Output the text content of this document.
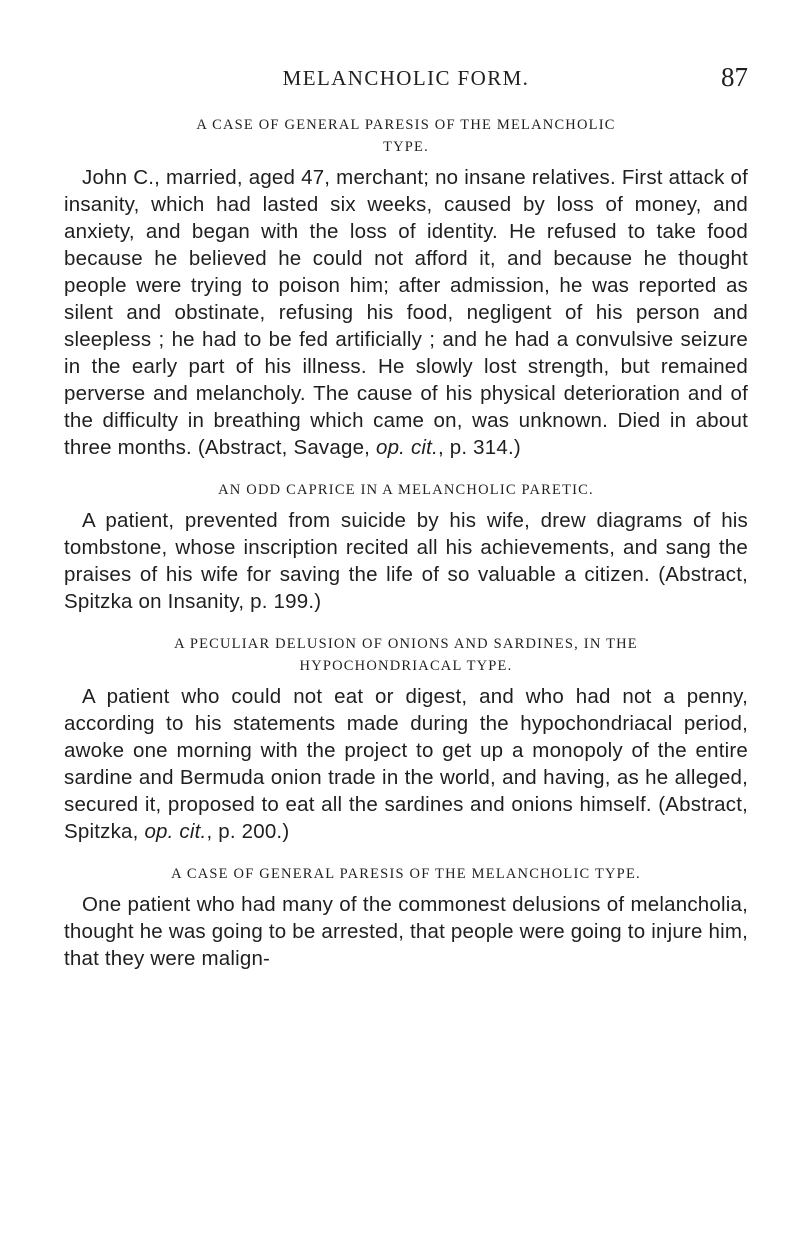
MELANCHOLIC FORM.	87
A CASE OF GENERAL PARESIS OF THE MELANCHOLIC
TYPE.

John C., married, aged 47, merchant; no insane relatives. First attack of insanity, which had lasted six weeks, caused by loss of money, and anxiety, and began with the loss of identity. He refused to take food because he believed he could not afford it, and because he thought people were trying to poison him; after admission, he was reported as silent and obstinate, refusing his food, negligent of his person and sleepless ; he had to be fed artificially ; and he had a convulsive seizure in the early part of his illness. He slowly lost strength, but remained perverse and melancholy. The cause of his physical deterioration and of the difficulty in breathing which came on, was unknown. Died in about three months. (Abstract, Savage, op. cit., p. 314.)

AN ODD CAPRICE IN A MELANCHOLIC PARETIC.

A patient, prevented from suicide by his wife, drew diagrams of his tombstone, whose inscription recited all his achievements, and sang the praises of his wife for saving the life of so valuable a citizen. (Abstract, Spitzka on Insanity, p. 199.)

A PECULIAR DELUSION OF ONIONS AND SARDINES, IN THE
HYPOCHONDRIACAL TYPE.

A patient who could not eat or digest, and who had not a penny, according to his statements made during the hypochondriacal period, awoke one morning with the project to get up a monopoly of the entire sardine and Bermuda onion trade in the world, and having, as he alleged, secured it, proposed to eat all the sardines and onions himself. (Abstract, Spitzka, op. cit., p. 200.)

A CASE OF GENERAL PARESIS OF THE MELANCHOLIC TYPE.

One patient who had many of the commonest delusions of melancholia, thought he was going to be arrested, that people were going to injure him, that they were malign-
